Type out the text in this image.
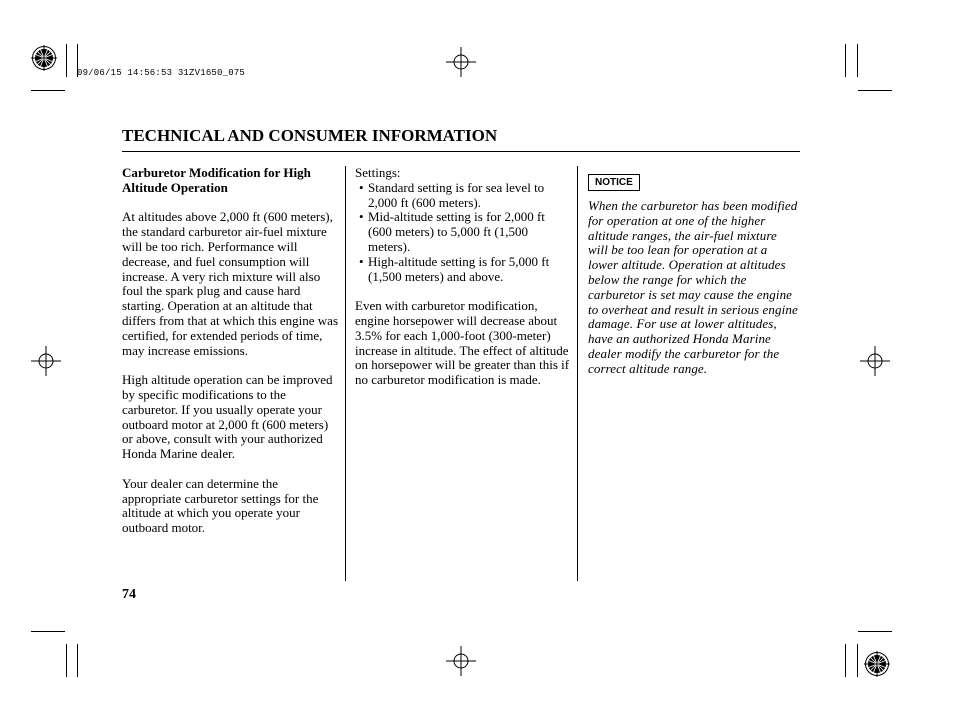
09/06/15 14:56:53 31ZV1650_075
TECHNICAL AND CONSUMER INFORMATION
Carburetor Modification for High Altitude Operation

At altitudes above 2,000 ft (600 meters), the standard carburetor air-fuel mixture will be too rich. Performance will decrease, and fuel consumption will increase. A very rich mixture will also foul the spark plug and cause hard starting. Operation at an altitude that differs from that at which this engine was certified, for extended periods of time, may increase emissions.

High altitude operation can be improved by specific modifications to the carburetor. If you usually operate your outboard motor at 2,000 ft (600 meters) or above, consult with your authorized Honda Marine dealer.

Your dealer can determine the appropriate carburetor settings for the altitude at which you operate your outboard motor.

Settings:
• Standard setting is for sea level to 2,000 ft (600 meters).
• Mid-altitude setting is for 2,000 ft (600 meters) to 5,000 ft (1,500 meters).
• High-altitude setting is for 5,000 ft (1,500 meters) and above.

Even with carburetor modification, engine horsepower will decrease about 3.5% for each 1,000-foot (300-meter) increase in altitude. The effect of altitude on horsepower will be greater than this if no carburetor modification is made.

NOTICE

When the carburetor has been modified for operation at one of the higher altitude ranges, the air-fuel mixture will be too lean for operation at a lower altitude. Operation at altitudes below the range for which the carburetor is set may cause the engine to overheat and result in serious engine damage. For use at lower altitudes, have an authorized Honda Marine dealer modify the carburetor for the correct altitude range.

74
